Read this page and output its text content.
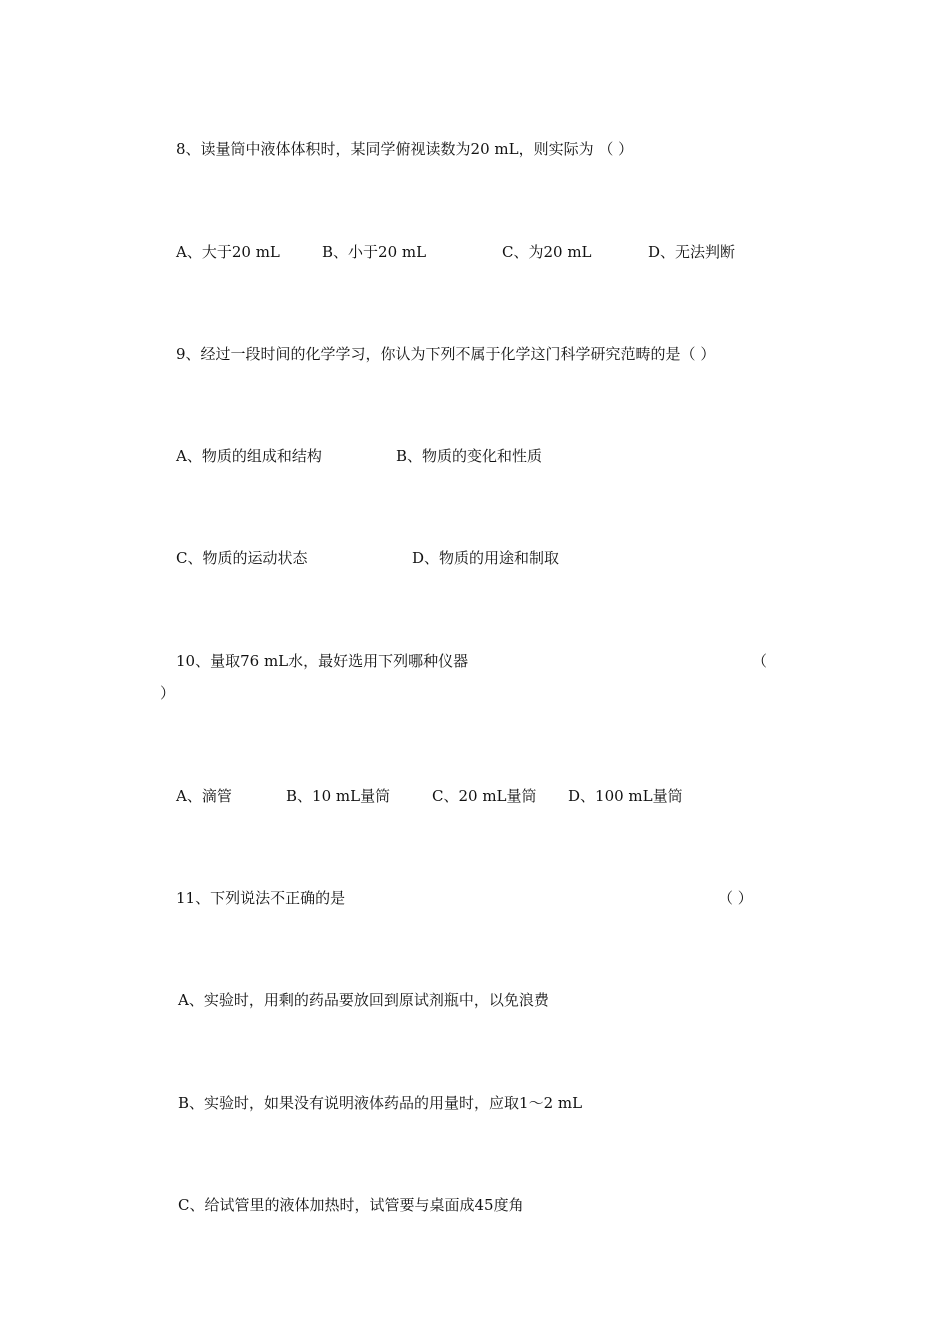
8、读量筒中液体体积时，某同学俯视读数为20 mL，则实际为 （ ）
A、大于20 mL	B、小于20 mL	C、为20 mL	D、无法判断
9、经过一段时间的化学学习，你认为下列不属于化学这门科学研究范畴的是（ ）
A、物质的组成和结构	B、物质的变化和性质
C、物质的运动状态	D、物质的用途和制取
10、量取76 mL水，最好选用下列哪种仪器	（
）
A、滴管	B、10 mL量筒	C、20 mL量筒 D、100 mL量筒
11、下列说法不正确的是	（ ）
A、实验时，用剩的药品要放回到原试剂瓶中，以免浪费
B、实验时，如果没有说明液体药品的用量时，应取1～2 mL
C、给试管里的液体加热时，试管要与桌面成45度角
